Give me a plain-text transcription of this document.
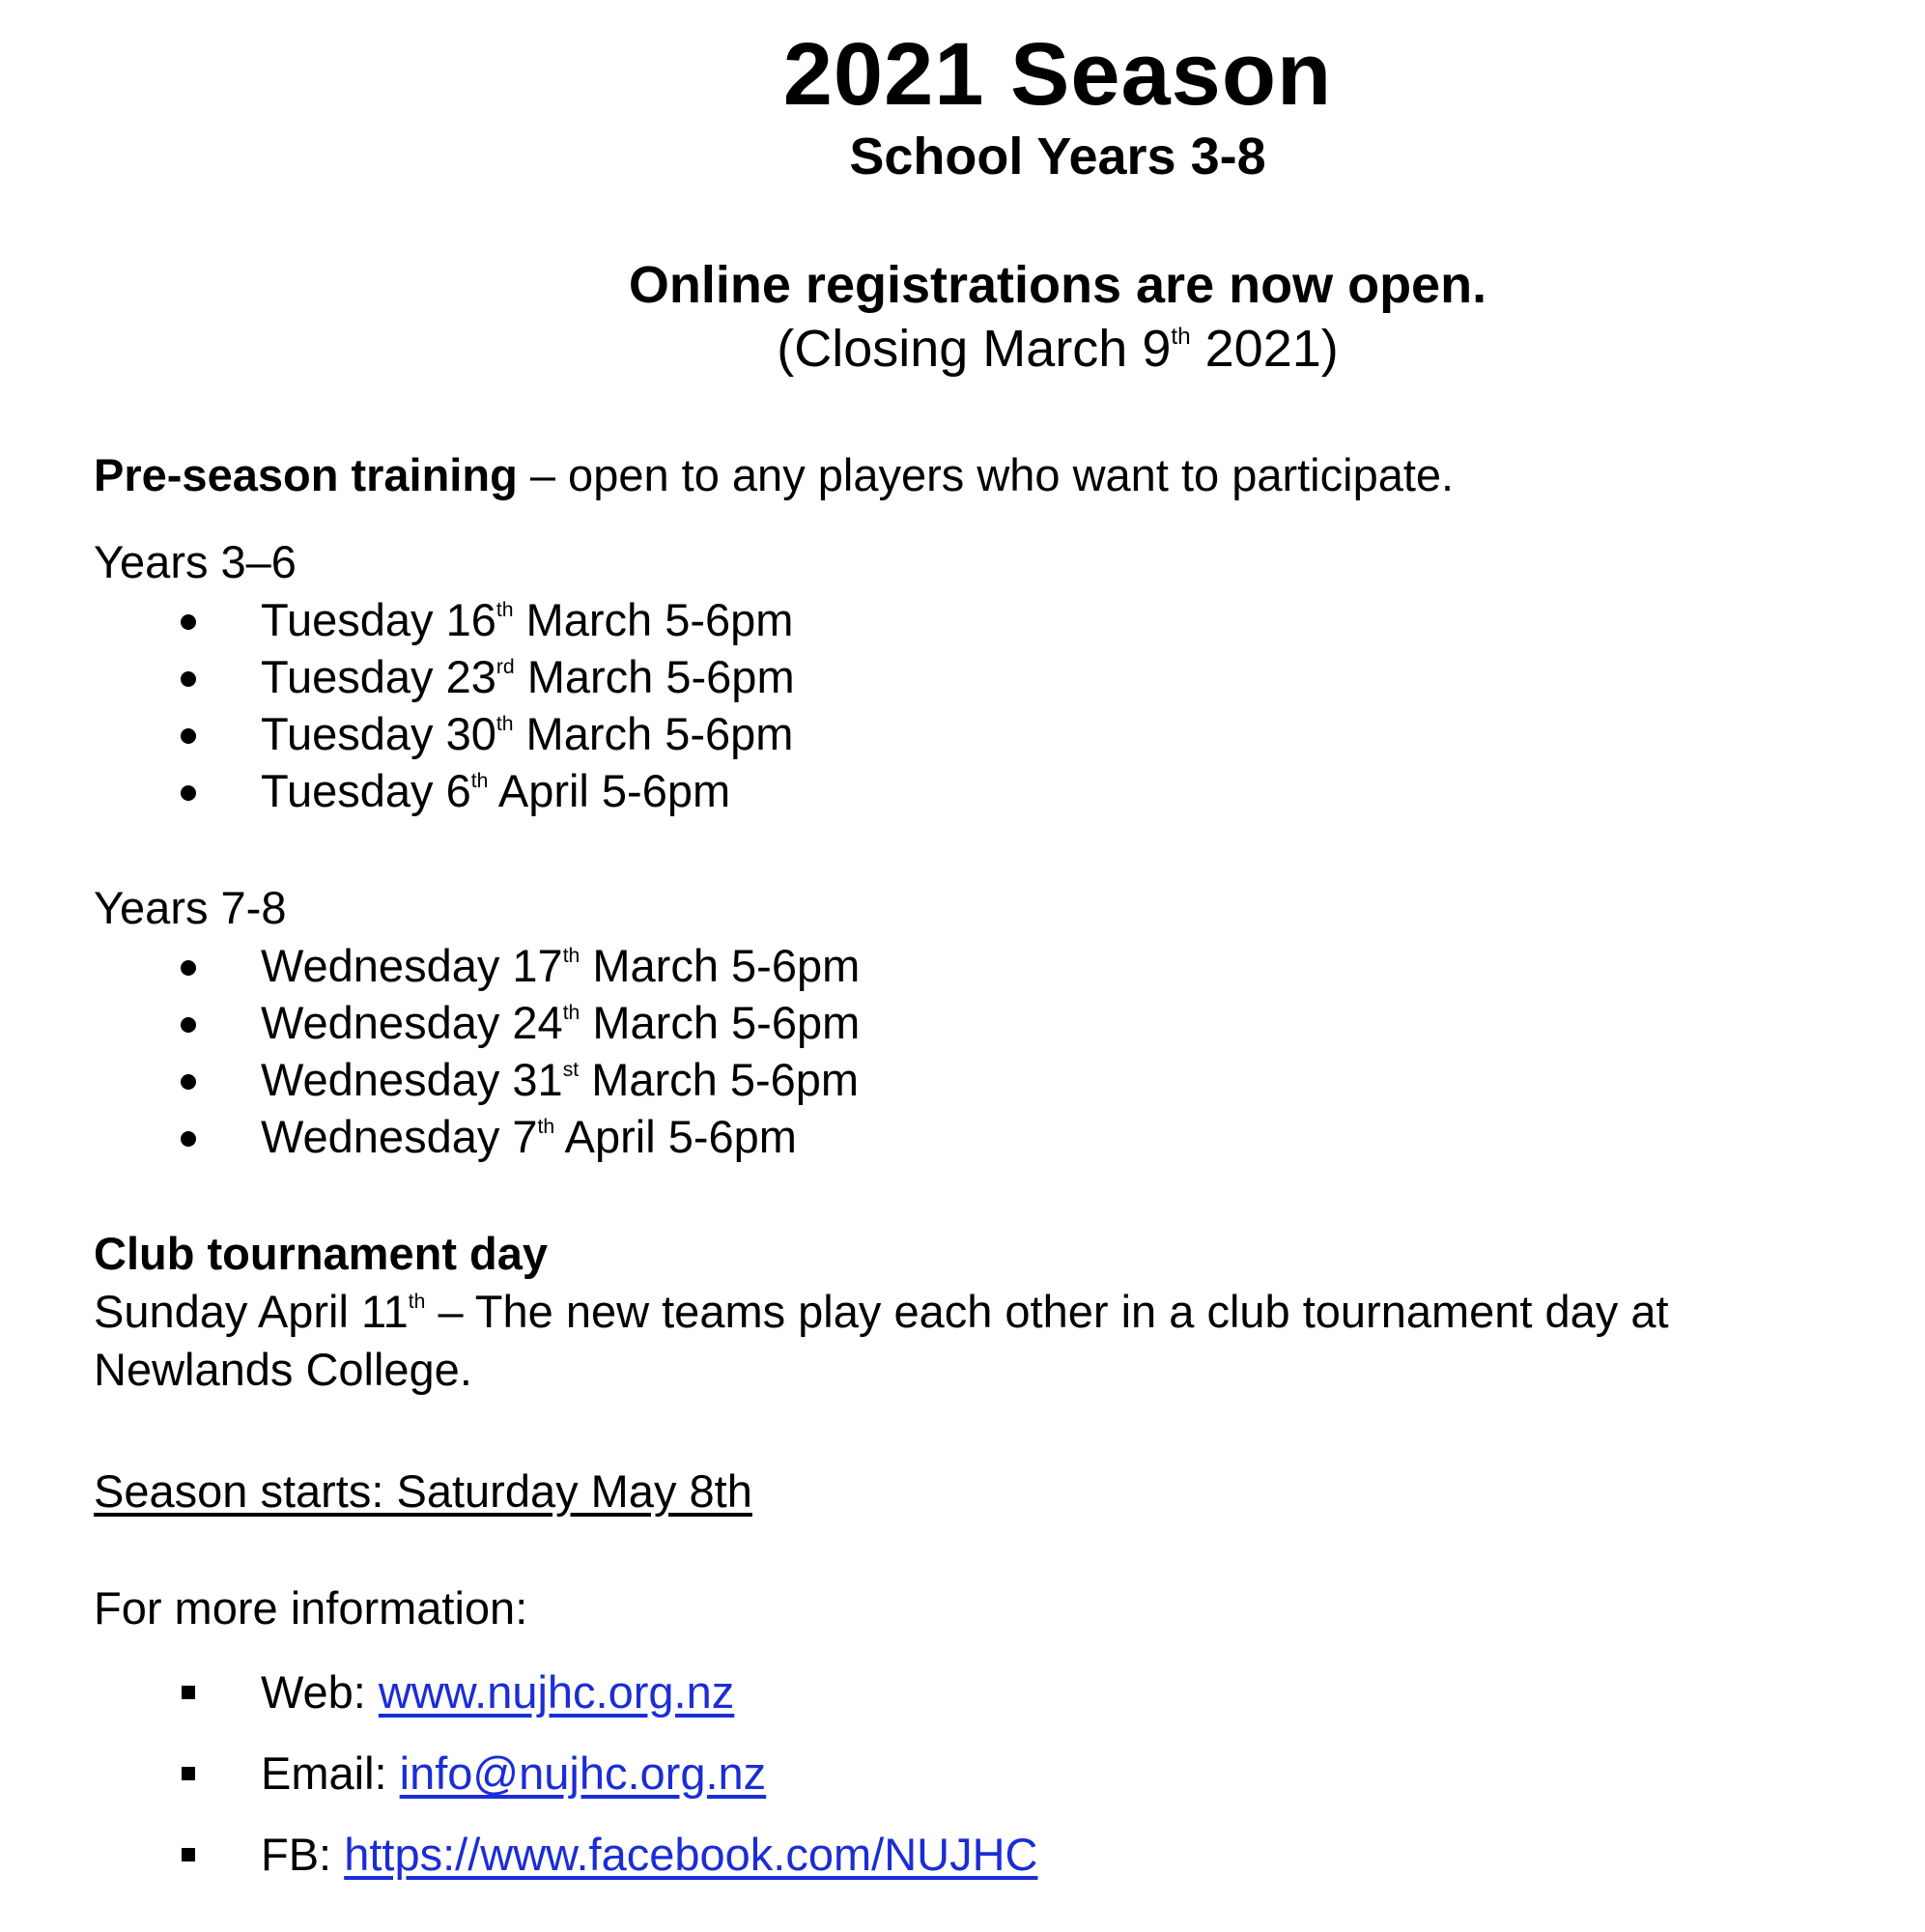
2021 Season
School Years 3-8
Online registrations are now open.
(Closing March 9th 2021)
Pre-season training – open to any players who want to participate.
Years 3–6
Tuesday 16th March 5-6pm
Tuesday 23rd March 5-6pm
Tuesday 30th March 5-6pm
Tuesday 6th April 5-6pm
Years 7-8
Wednesday 17th March 5-6pm
Wednesday 24th March 5-6pm
Wednesday 31st March 5-6pm
Wednesday 7th April 5-6pm
Club tournament day
Sunday April 11th – The new teams play each other in a club tournament day at
Newlands College.
Season starts: Saturday May 8th
For more information:
Web: www.nujhc.org.nz
Email: info@nujhc.org.nz
FB: https://www.facebook.com/NUJHC
